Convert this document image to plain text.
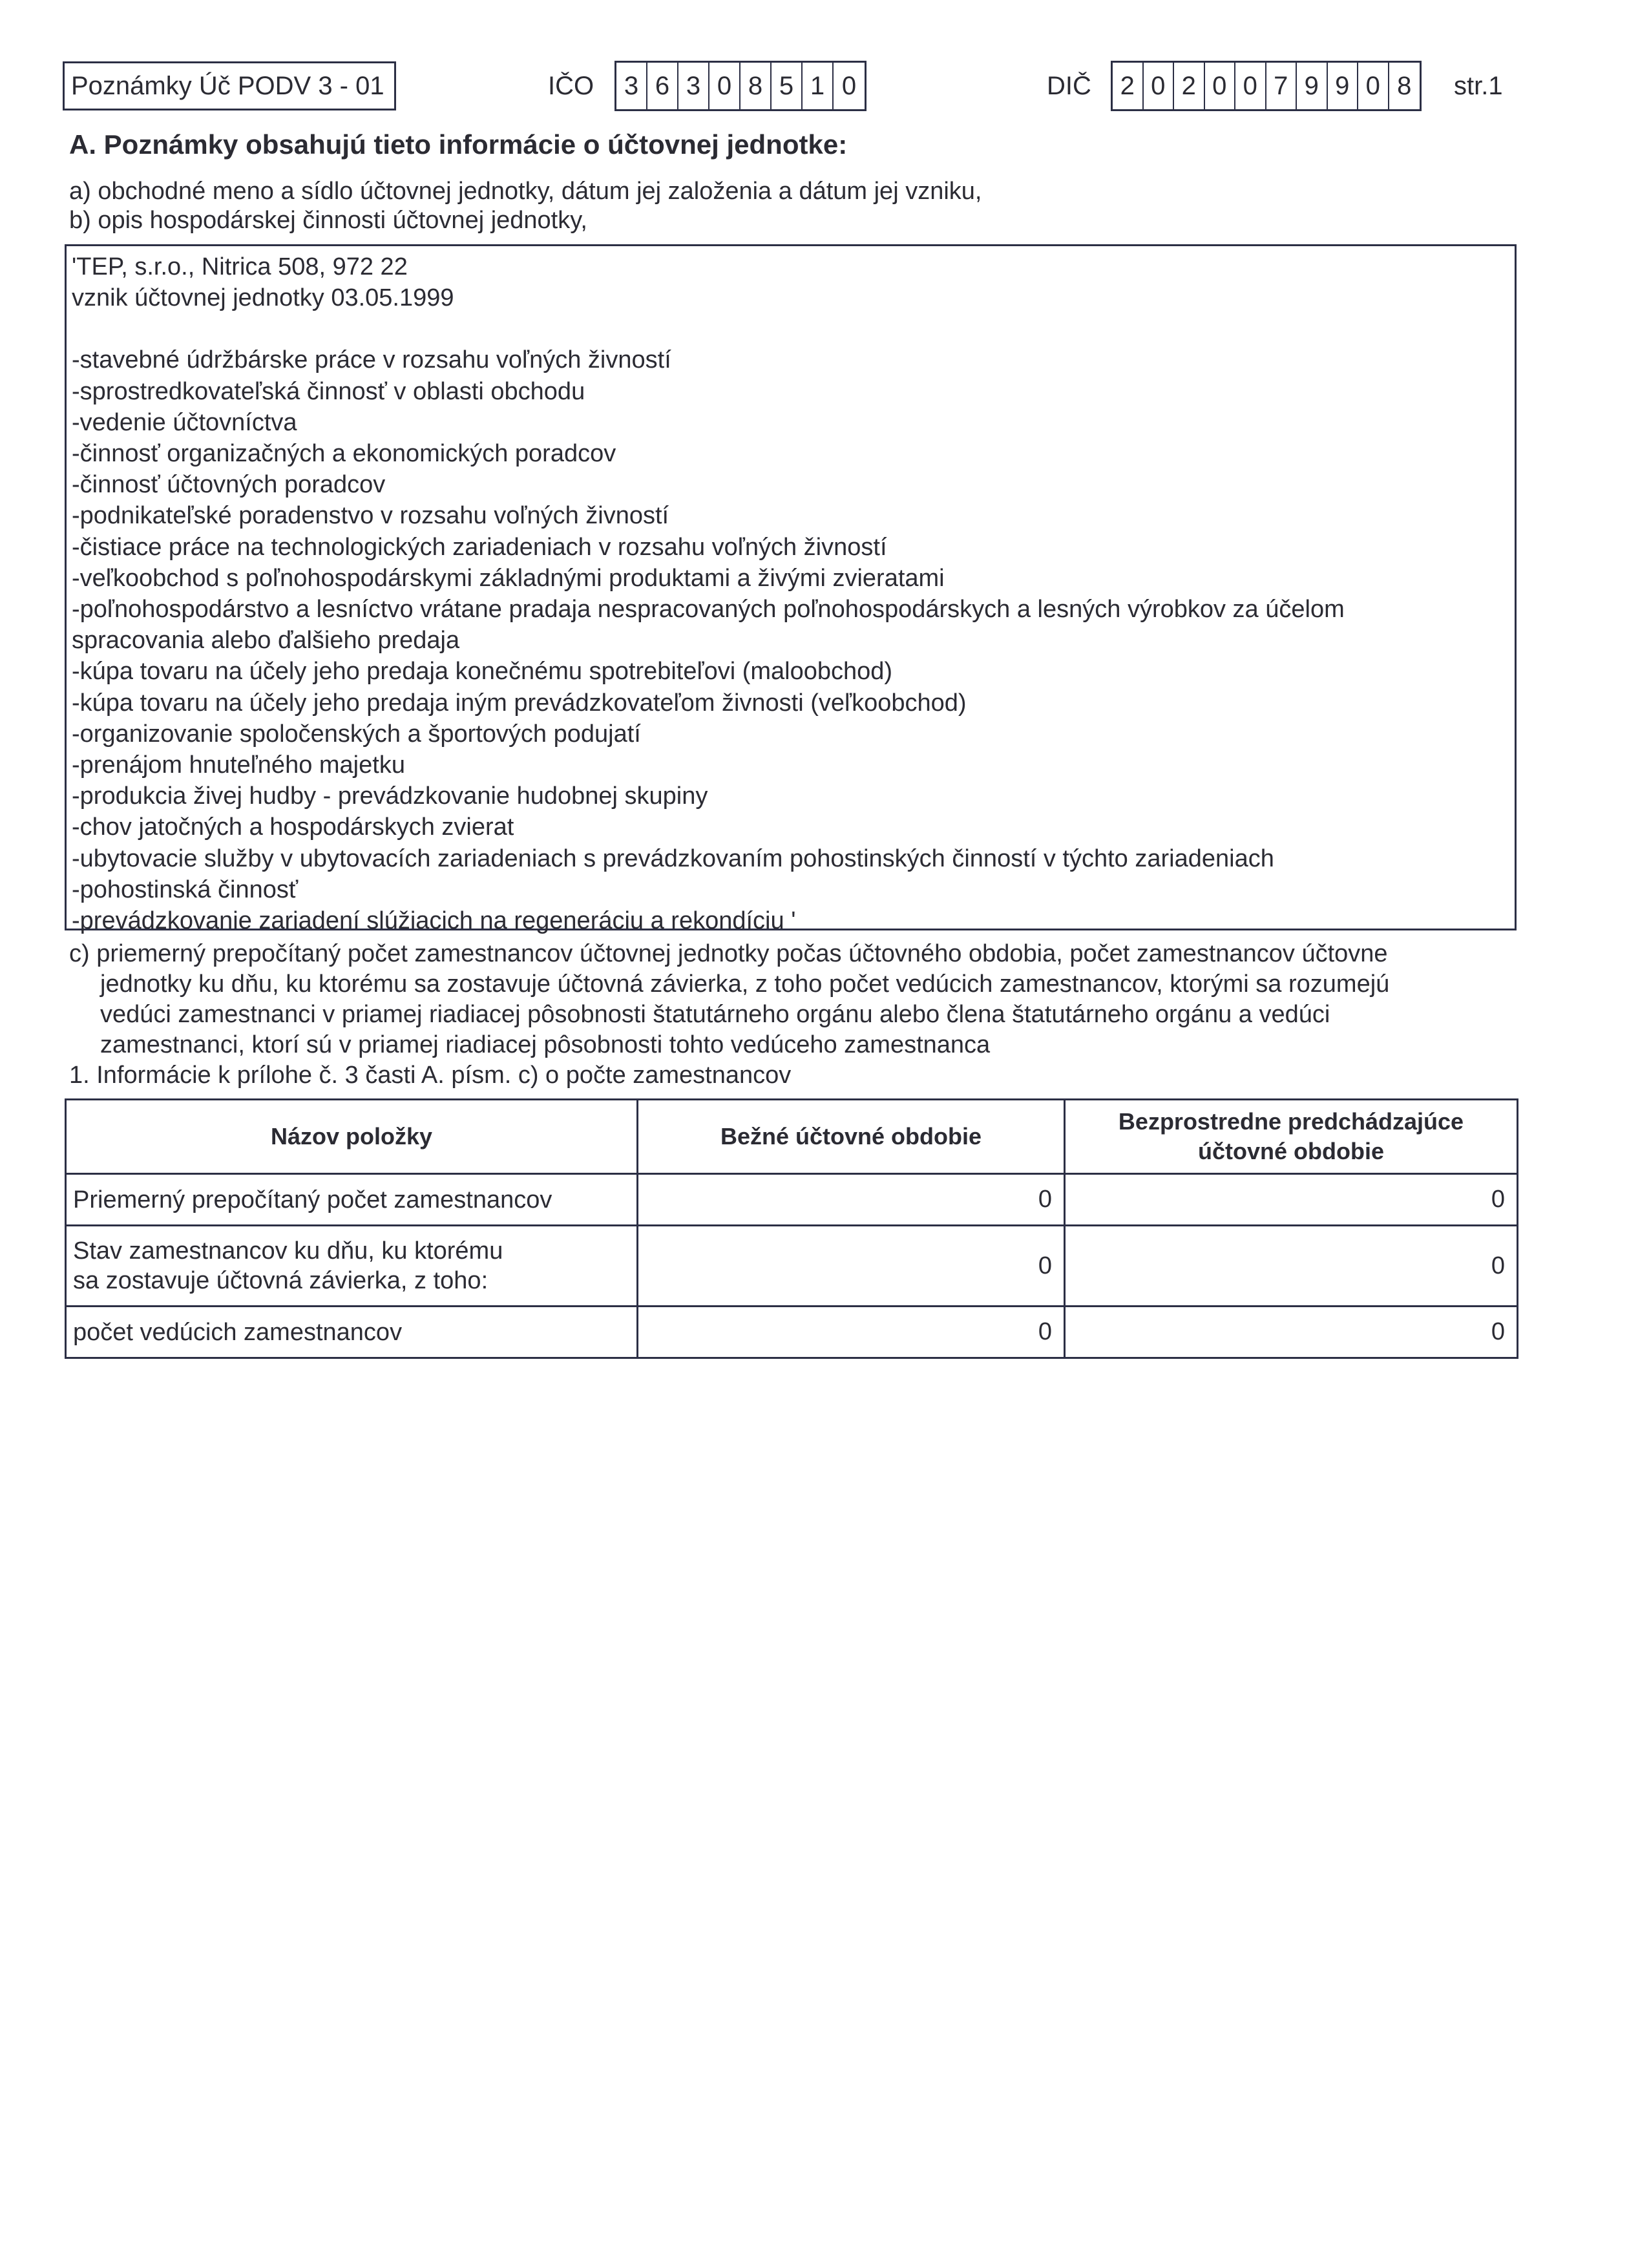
Poznámky Úč PODV 3 - 01	IČO 3 6 3 0 8 5 1 0	DIČ 2 0 2 0 0 7 9 9 0 8	str.1
A. Poznámky obsahujú tieto informácie o účtovnej jednotke:
a) obchodné meno a sídlo účtovnej jednotky, dátum jej založenia a dátum jej vzniku,
b) opis hospodárskej činnosti účtovnej jednotky,
'TEP, s.r.o., Nitrica 508, 972 22
vznik účtovnej jednotky 03.05.1999
-stavebné údržbárske práce v rozsahu voľných živností
-sprostredkovateľská činnosť v oblasti obchodu
-vedenie účtovníctva
-činnosť organizačných a ekonomických poradcov
-činnosť účtovných poradcov
-podnikateľské poradenstvo v rozsahu voľných živností
-čistiace práce na technologických zariadeniach v rozsahu voľných živností
-veľkoobchod s poľnohospodárskymi základnými produktami a živými zvieratami
-poľnohospodárstvo a lesníctvo vrátane pradaja nespracovaných poľnohospodárskych a lesných výrobkov za účelom
spracovania alebo ďalšieho predaja
-kúpa tovaru na účely jeho predaja konečnému spotrebiteľovi (maloobchod)
-kúpa tovaru na účely jeho predaja iným prevádzkovateľom živnosti (veľkoobchod)
-organizovanie spoločenských a športových podujatí
-prenájom hnuteľného majetku
-produkcia živej hudby - prevádzkovanie hudobnej skupiny
-chov jatočných a hospodárskych zvierat
-ubytovacie služby v ubytovacích zariadeniach s prevádzkovaním pohostinských činností v týchto zariadeniach
-pohostinská činnosť
-prevádzkovanie zariadení slúžiacich na regeneráciu a rekondíciu '
c) priemerný prepočítaný počet zamestnancov účtovnej jednotky počas účtovného obdobia, počet zamestnancov účtovne
jednotky ku dňu, ku ktorému sa zostavuje účtovná závierka, z toho počet vedúcich zamestnancov, ktorými sa rozumejú
vedúci zamestnanci v priamej riadiacej pôsobnosti štatutárneho orgánu alebo člena štatutárneho orgánu a vedúci
zamestnanci, ktorí sú v priamej riadiacej pôsobnosti tohto vedúceho zamestnanca
1. Informácie k prílohe č. 3 časti A. písm. c) o počte zamestnancov
Názov položky	Bežné účtovné obdobie	Bezprostredne predchádzajúce
účtovné obdobie

Priemerný prepočítaný počet zamestnancov	0	0

Stav zamestnancov ku dňu, ku ktorému
sa zostavuje účtovná závierka, z toho:	0	0
počet vedúcich zamestnancov	0	0
